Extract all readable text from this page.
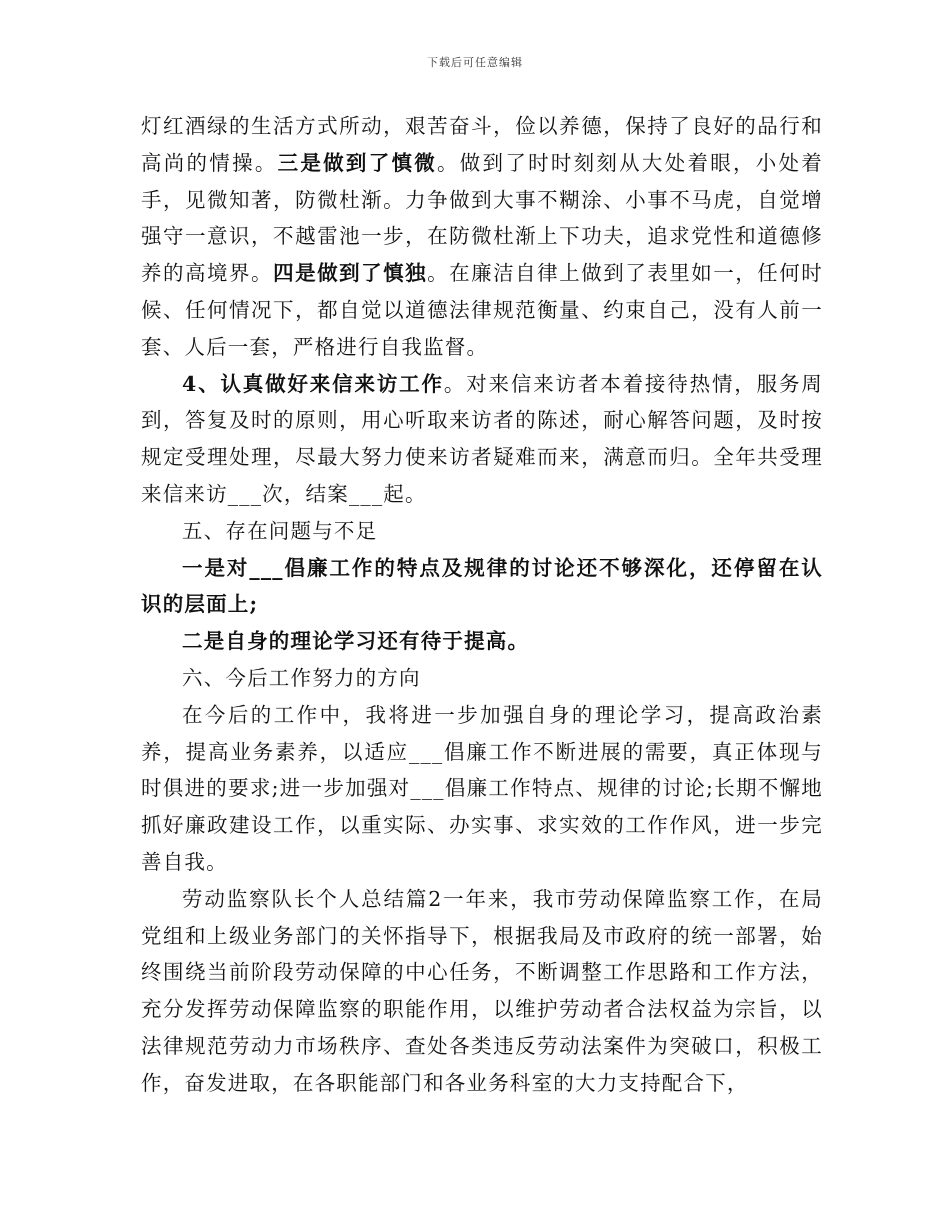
下载后可任意编辑

灯红酒绿的生活方式所动，艰苦奋斗，俭以养德，保持了良好的品行和高尚的情操。三是做到了慎微。做到了时时刻刻从大处着眼，小处着手，见微知著，防微杜渐。力争做到大事不糊涂、小事不马虎，自觉增强守一意识，不越雷池一步，在防微杜渐上下功夫，追求党性和道德修养的高境界。四是做到了慎独。在廉洁自律上做到了表里如一，任何时候、任何情况下，都自觉以道德法律规范衡量、约束自己，没有人前一套、人后一套，严格进行自我监督。

4、认真做好来信来访工作。对来信来访者本着接待热情，服务周到，答复及时的原则，用心听取来访者的陈述，耐心解答问题，及时按规定受理处理，尽最大努力使来访者疑难而来，满意而归。全年共受理来信来访___次，结案___起。

五、存在问题与不足

一是对___倡廉工作的特点及规律的讨论还不够深化，还停留在认识的层面上;

二是自身的理论学习还有待于提高。

六、今后工作努力的方向

在今后的工作中，我将进一步加强自身的理论学习，提高政治素养，提高业务素养，以适应___倡廉工作不断进展的需要，真正体现与时俱进的要求;进一步加强对___倡廉工作特点、规律的讨论;长期不懈地抓好廉政建设工作，以重实际、办实事、求实效的工作作风，进一步完善自我。

劳动监察队长个人总结篇2一年来，我市劳动保障监察工作，在局党组和上级业务部门的关怀指导下，根据我局及市政府的统一部署，始终围绕当前阶段劳动保障的中心任务，不断调整工作思路和工作方法，充分发挥劳动保障监察的职能作用，以维护劳动者合法权益为宗旨，以法律规范劳动力市场秩序、查处各类违反劳动法案件为突破口，积极工作，奋发进取，在各职能部门和各业务科室的大力支持配合下，
